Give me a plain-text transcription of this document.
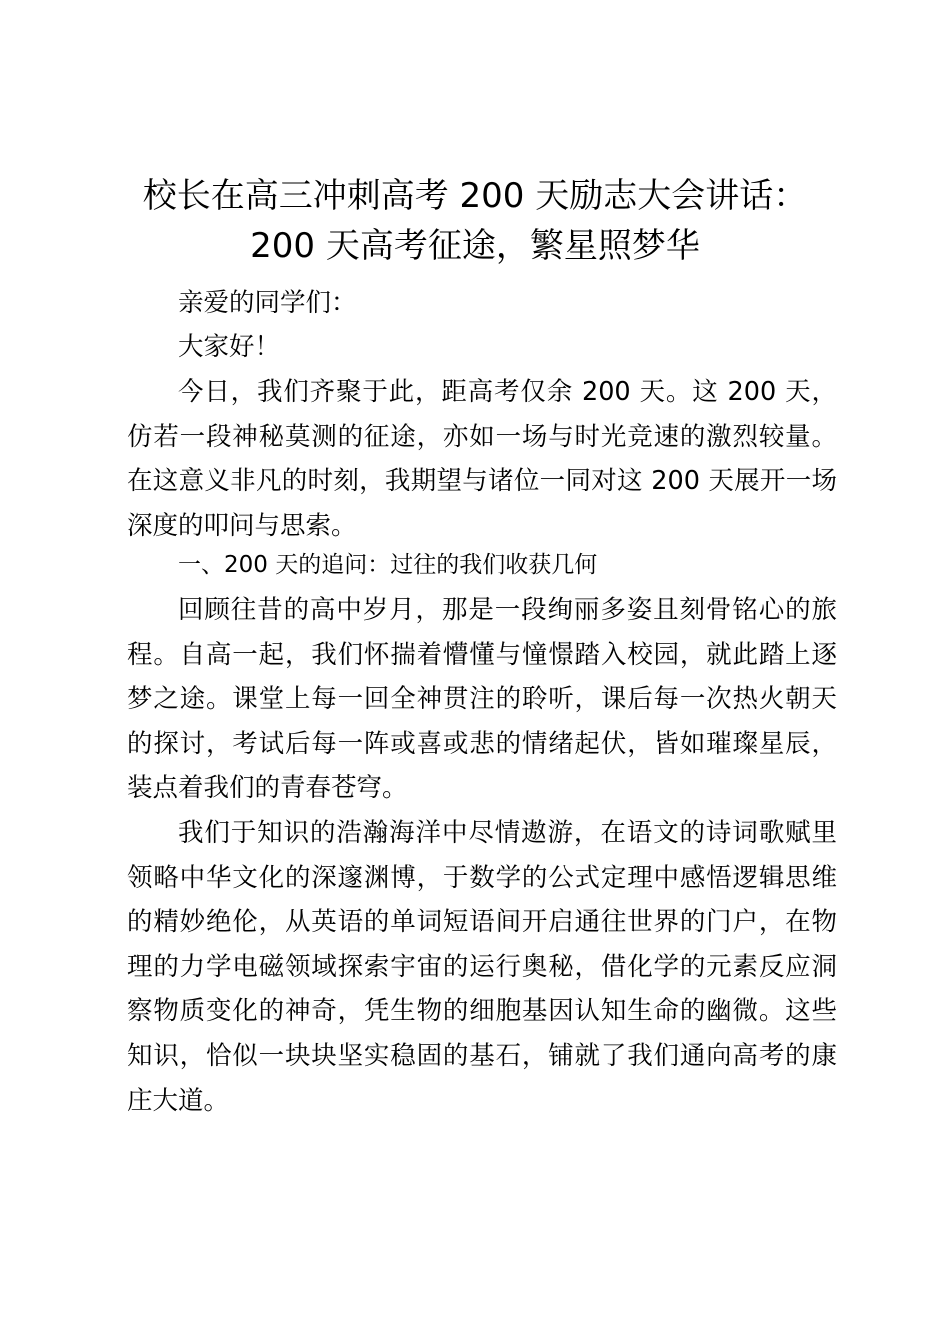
校长在高三冲刺高考 200 天励志大会讲话：
200 天高考征途，繁星照梦华

亲爱的同学们：

大家好！

今日，我们齐聚于此，距高考仅余 200 天。这 200 天，仿若一段神秘莫测的征途，亦如一场与时光竞速的激烈较量。在这意义非凡的时刻，我期望与诸位一同对这 200 天展开一场深度的叩问与思索。

一、200 天的追问：过往的我们收获几何

回顾往昔的高中岁月，那是一段绚丽多姿且刻骨铭心的旅程。自高一起，我们怀揣着懵懂与憧憬踏入校园，就此踏上逐梦之途。课堂上每一回全神贯注的聆听，课后每一次热火朝天的探讨，考试后每一阵或喜或悲的情绪起伏，皆如璀璨星辰，装点着我们的青春苍穹。

我们于知识的浩瀚海洋中尽情遨游，在语文的诗词歌赋里领略中华文化的深邃渊博，于数学的公式定理中感悟逻辑思维的精妙绝伦，从英语的单词短语间开启通往世界的门户，在物理的力学电磁领域探索宇宙的运行奥秘，借化学的元素反应洞察物质变化的神奇，凭生物的细胞基因认知生命的幽微。这些知识，恰似一块块坚实稳固的基石，铺就了我们通向高考的康庄大道。
